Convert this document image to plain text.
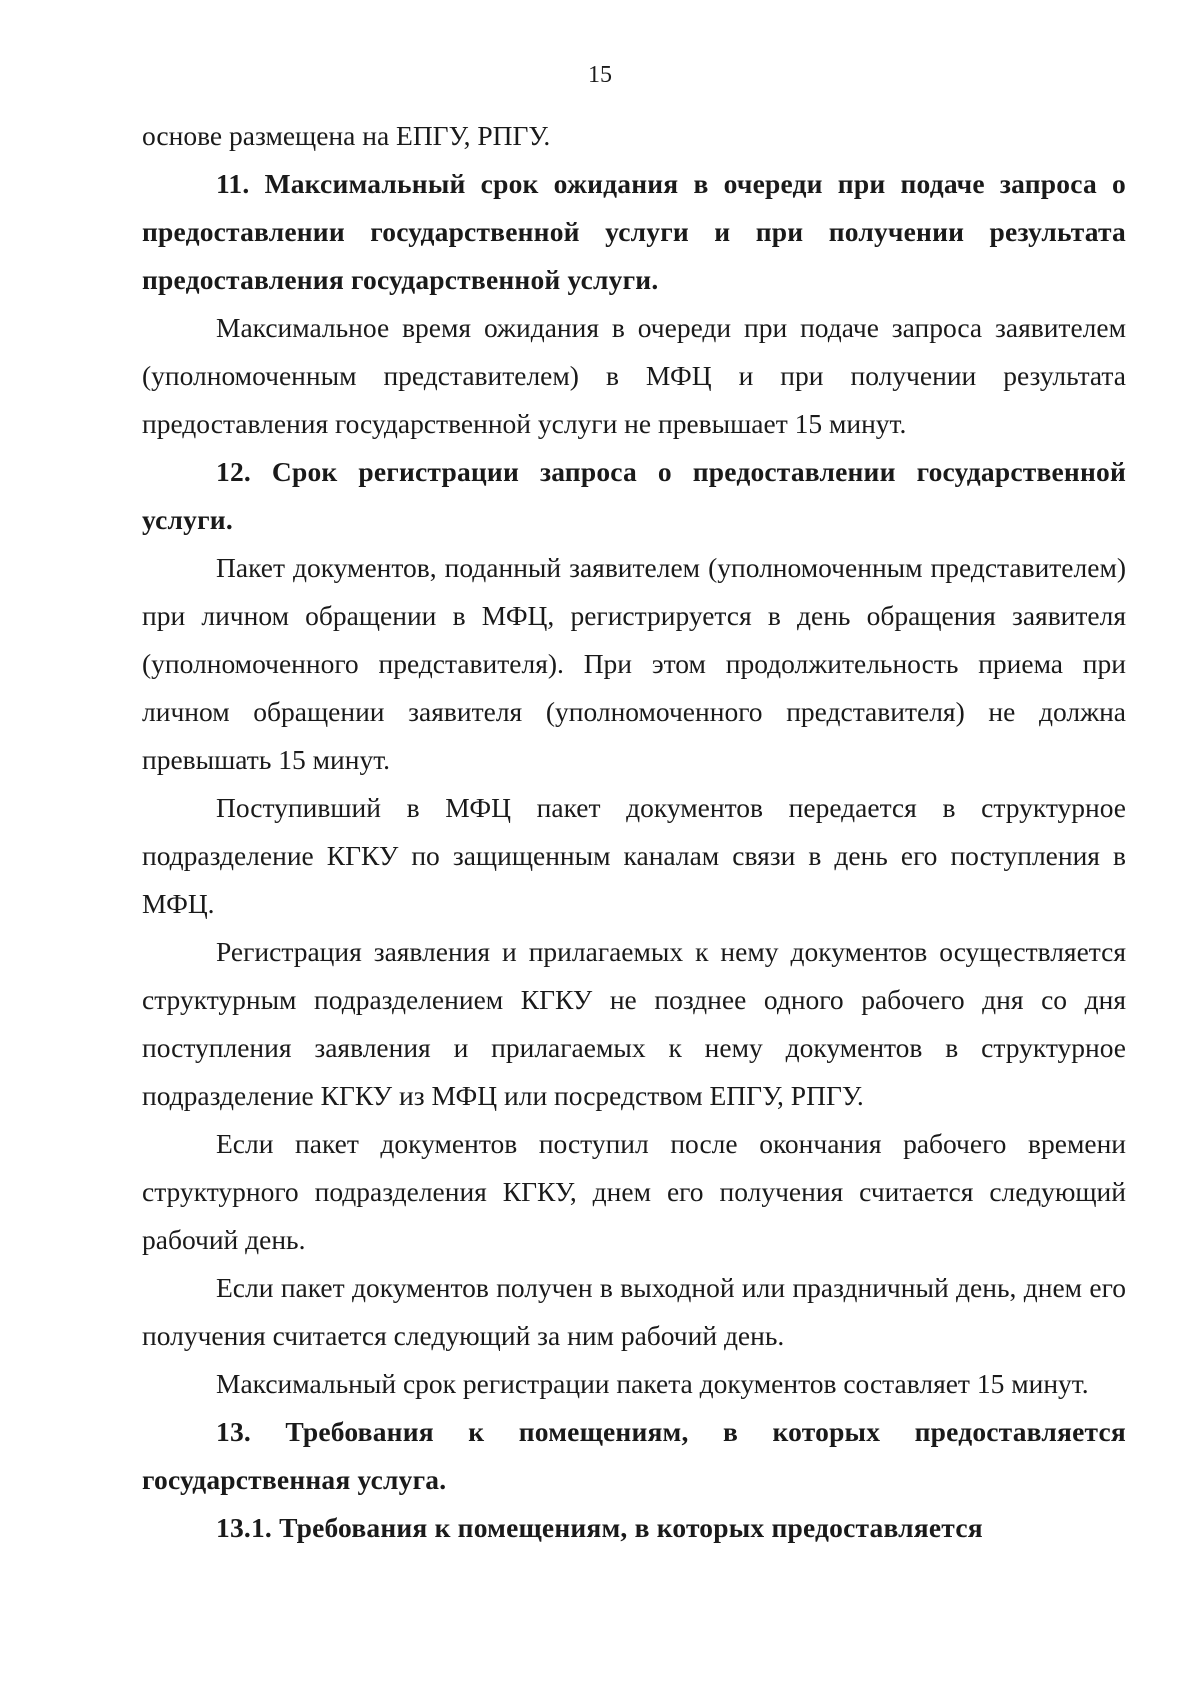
15

основе размещена на ЕПГУ, РПГУ.

11. Максимальный срок ожидания в очереди при подаче запроса о предоставлении государственной услуги и при получении результата предоставления государственной услуги.

Максимальное время ожидания в очереди при подаче запроса заявителем (уполномоченным представителем) в МФЦ и при получении результата предоставления государственной услуги не превышает 15 минут.

12. Срок регистрации запроса о предоставлении государственной услуги.

Пакет документов, поданный заявителем (уполномоченным представителем) при личном обращении в МФЦ, регистрируется в день обращения заявителя (уполномоченного представителя). При этом продолжительность приема при личном обращении заявителя (уполномоченного представителя) не должна превышать 15 минут.

Поступивший в МФЦ пакет документов передается в структурное подразделение КГКУ по защищенным каналам связи в день его поступления в МФЦ.

Регистрация заявления и прилагаемых к нему документов осуществляется структурным подразделением КГКУ не позднее одного рабочего дня со дня поступления заявления и прилагаемых к нему документов в структурное подразделение КГКУ из МФЦ или посредством ЕПГУ, РПГУ.

Если пакет документов поступил после окончания рабочего времени структурного подразделения КГКУ, днем его получения считается следующий рабочий день.

Если пакет документов получен в выходной или праздничный день, днем его получения считается следующий за ним рабочий день.

Максимальный срок регистрации пакета документов составляет 15 минут.

13. Требования к помещениям, в которых предоставляется государственная услуга.

13.1. Требования к помещениям, в которых предоставляется
